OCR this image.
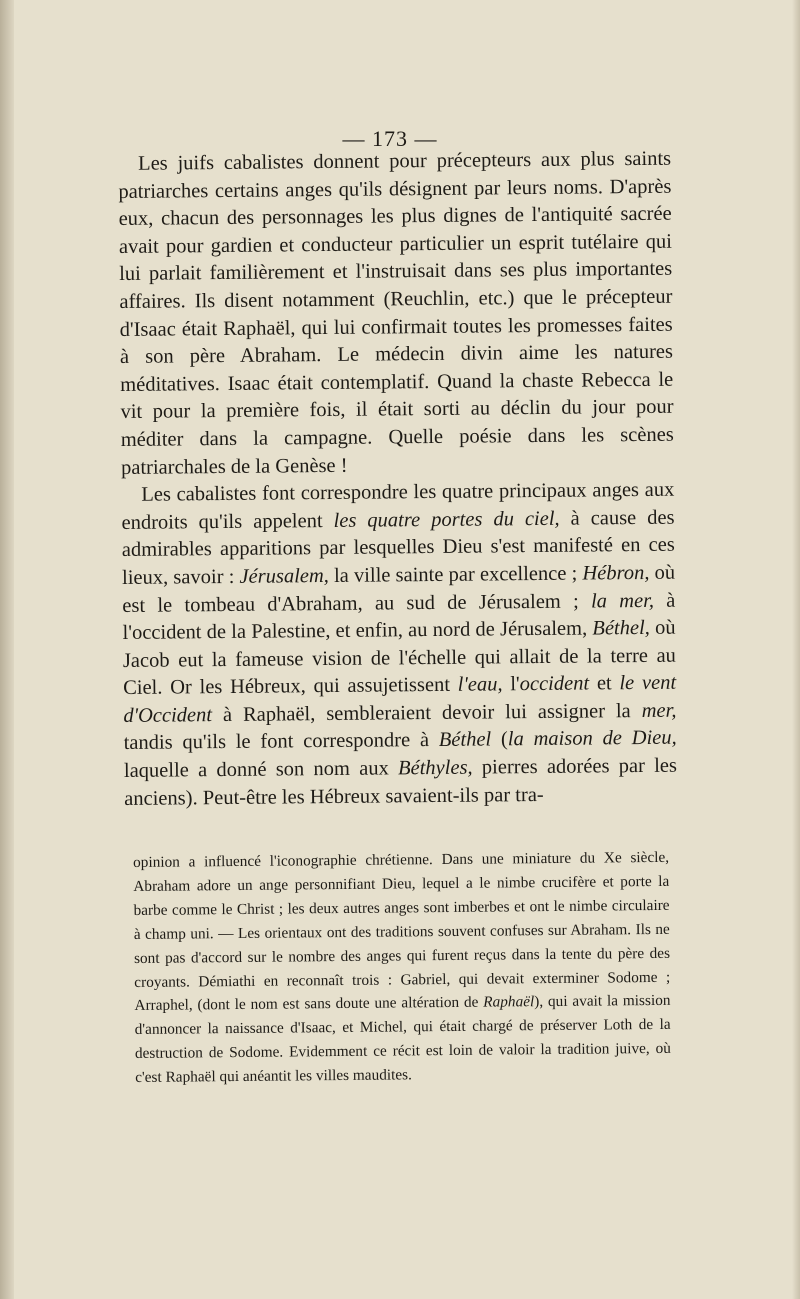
— 173 —

Les juifs cabalistes donnent pour précepteurs aux plus saints patriarches certains anges qu'ils désignent par leurs noms. D'après eux, chacun des personnages les plus dignes de l'antiquité sacrée avait pour gardien et conducteur particulier un esprit tutélaire qui lui parlait familièrement et l'instruisait dans ses plus importantes affaires. Ils disent notamment (Reuchlin, etc.) que le précepteur d'Isaac était Raphaël, qui lui confirmait toutes les promesses faites à son père Abraham. Le médecin divin aime les natures méditatives. Isaac était contemplatif. Quand la chaste Rebecca le vit pour la première fois, il était sorti au déclin du jour pour méditer dans la campagne. Quelle poésie dans les scènes patriarchales de la Genèse !

Les cabalistes font correspondre les quatre principaux anges aux endroits qu'ils appelent les quatre portes du ciel, à cause des admirables apparitions par lesquelles Dieu s'est manifesté en ces lieux, savoir : Jérusalem, la ville sainte par excellence ; Hébron, où est le tombeau d'Abraham, au sud de Jérusalem ; la mer, à l'occident de la Palestine, et enfin, au nord de Jérusalem, Béthel, où Jacob eut la fameuse vision de l'échelle qui allait de la terre au Ciel. Or les Hébreux, qui assujetissent l'eau, l'occident et le vent d'Occident à Raphaël, sembleraient devoir lui assigner la mer, tandis qu'ils le font correspondre à Béthel (la maison de Dieu, laquelle a donné son nom aux Béthyles, pierres adorées par les anciens). Peut-être les Hébreux savaient-ils par tra-

opinion a influencé l'iconographie chrétienne. Dans une miniature du Xe siècle, Abraham adore un ange personnifiant Dieu, lequel a le nimbe crucifère et porte la barbe comme le Christ ; les deux autres anges sont imberbes et ont le nimbe circulaire à champ uni. — Les orientaux ont des traditions souvent confuses sur Abraham. Ils ne sont pas d'accord sur le nombre des anges qui furent reçus dans la tente du père des croyants. Démiathi en reconnaît trois : Gabriel, qui devait exterminer Sodome ; Arraphel, (dont le nom est sans doute une altération de Raphaël), qui avait la mission d'annoncer la naissance d'Isaac, et Michel, qui était chargé de préserver Loth de la destruction de Sodome. Evidemment ce récit est loin de valoir la tradition juive, où c'est Raphaël qui anéantit les villes maudites.
